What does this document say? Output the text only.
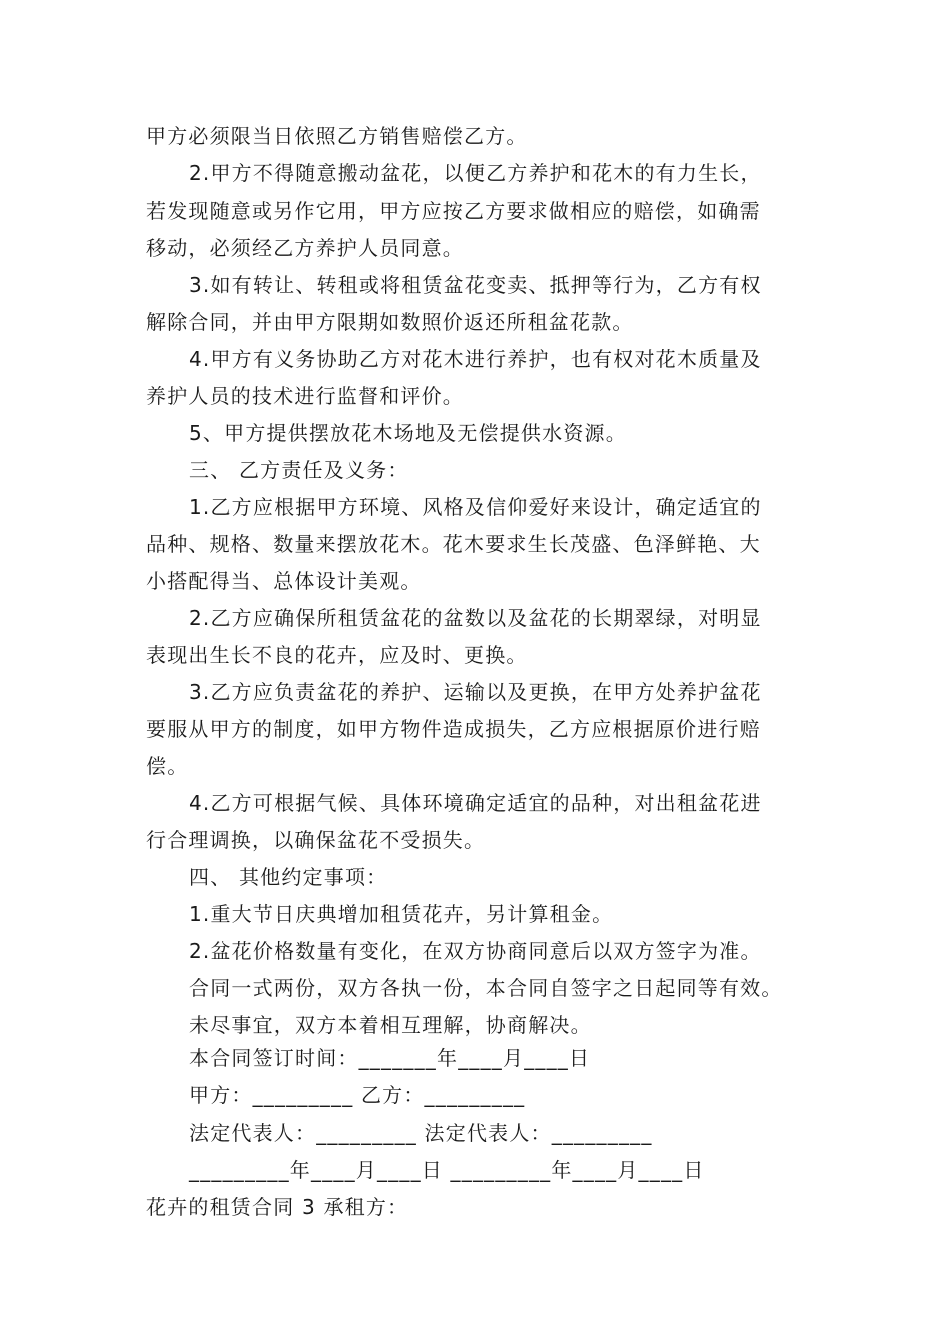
甲方必须限当日依照乙方销售赔偿乙方。
2.甲方不得随意搬动盆花，以便乙方养护和花木的有力生长，
若发现随意或另作它用，甲方应按乙方要求做相应的赔偿，如确需
移动，必须经乙方养护人员同意。
3.如有转让、转租或将租赁盆花变卖、抵押等行为，乙方有权
解除合同，并由甲方限期如数照价返还所租盆花款。
4.甲方有义务协助乙方对花木进行养护，也有权对花木质量及
养护人员的技术进行监督和评价。
5、甲方提供摆放花木场地及无偿提供水资源。
三、 乙方责任及义务：
1.乙方应根据甲方环境、风格及信仰爱好来设计，确定适宜的
品种、规格、数量来摆放花木。花木要求生长茂盛、色泽鲜艳、大
小搭配得当、总体设计美观。
2.乙方应确保所租赁盆花的盆数以及盆花的长期翠绿，对明显
表现出生长不良的花卉，应及时、更换。
3.乙方应负责盆花的养护、运输以及更换，在甲方处养护盆花
要服从甲方的制度，如甲方物件造成损失，乙方应根据原价进行赔
偿。
4.乙方可根据气候、具体环境确定适宜的品种，对出租盆花进
行合理调换，以确保盆花不受损失。
四、 其他约定事项：
1.重大节日庆典增加租赁花卉，另计算租金。
2.盆花价格数量有变化，在双方协商同意后以双方签字为准。
合同一式两份，双方各执一份，本合同自签字之日起同等有效。
未尽事宜，双方本着相互理解，协商解决。
本合同签订时间：_______年____月____日
甲方：_________ 乙方：_________
法定代表人：_________ 法定代表人：_________
_________年____月____日 _________年____月____日
花卉的租赁合同 3 承租方：
